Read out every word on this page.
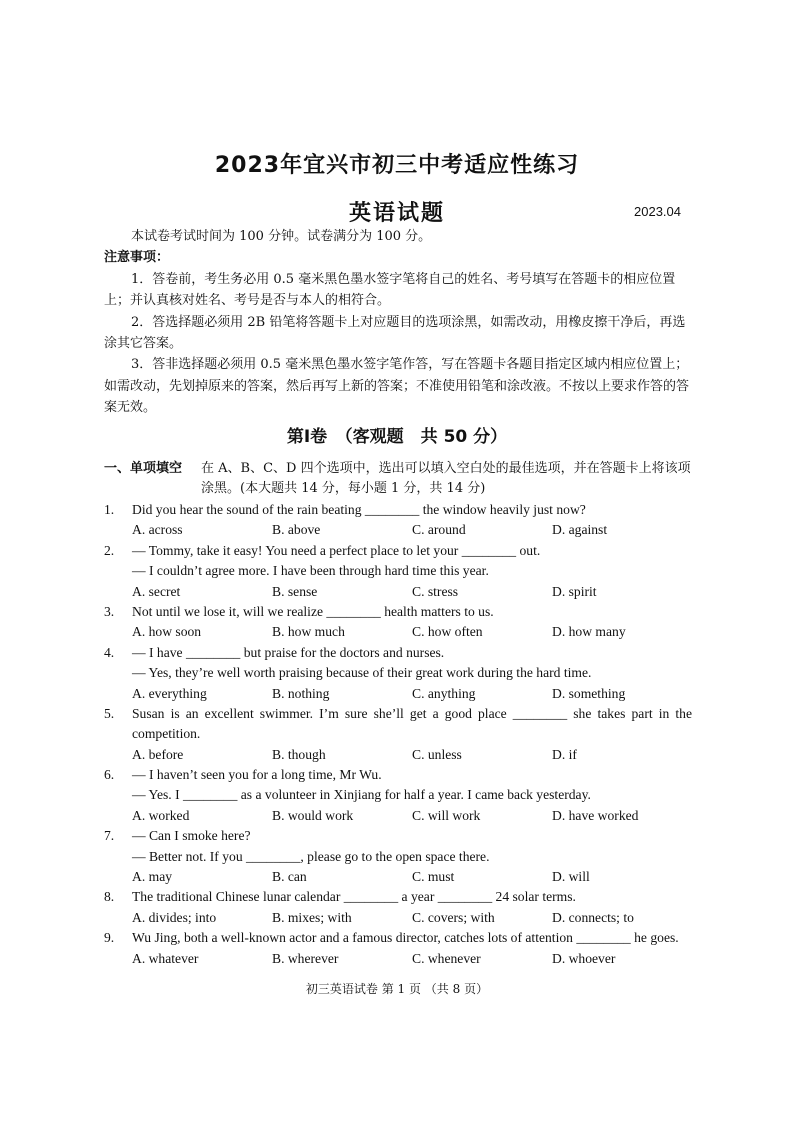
2023年宜兴市初三中考适应性练习
英语试题	2023.04

本试卷考试时间为 100 分钟。试卷满分为 100 分。

注意事项：

1．答卷前，考生务必用 0.5 毫米黑色墨水签字笔将自己的姓名、考号填写在答题卡的相应位置上；并认真核对姓名、考号是否与本人的相符合。

2．答选择题必须用 2B 铅笔将答题卡上对应题目的选项涂黑，如需改动，用橡皮擦干净后，再选涂其它答案。

3．答非选择题必须用 0.5 毫米黑色墨水签字笔作答，写在答题卡各题目指定区域内相应位置上；如需改动，先划掉原来的答案，然后再写上新的答案；不准使用铅笔和涂改液。不按以上要求作答的答案无效。

第Ⅰ卷　（客观题　共 50 分）
一、单项填空 在 A、B、C、D 四个选项中，选出可以填入空白处的最佳选项，并在答题卡上将该项涂黑。(本大题共 14 分，每小题 1 分，共 14 分)
1. Did you hear the sound of the rain beating ________ the window heavily just now?
A. across	B. above	C. around	D. against
2. — Tommy, take it easy! You need a perfect place to let your ________ out.
— I couldn’t agree more. I have been through hard time this year.
A. secret	B. sense	C. stress	D. spirit
3. Not until we lose it, will we realize ________ health matters to us.
A. how soon	B. how much	C. how often	D. how many
4. — I have ________ but praise for the doctors and nurses.
— Yes, they’re well worth praising because of their great work during the hard time.
A. everything	B. nothing	C. anything	D. something
5. Susan is an excellent swimmer. I’m sure she’ll get a good place ________ she takes part in the
competition.
A. before	B. though	C. unless	D. if
6. — I haven’t seen you for a long time, Mr Wu.
— Yes. I ________ as a volunteer in Xinjiang for half a year. I came back yesterday.
A. worked	B. would work	C. will work	D. have worked
7. — Can I smoke here?
— Better not. If you ________, please go to the open space there.
A. may	B. can	C. must	D. will
8. The traditional Chinese lunar calendar ________ a year ________ 24 solar terms.
A. divides; into	B. mixes; with	C. covers; with	D. connects; to
9. Wu Jing, both a well-known actor and a famous director, catches lots of attention ________ he goes.
A. whatever	B. wherever	C. whenever	D. whoever
初三英语试卷 第 1 页 （共 8 页）
